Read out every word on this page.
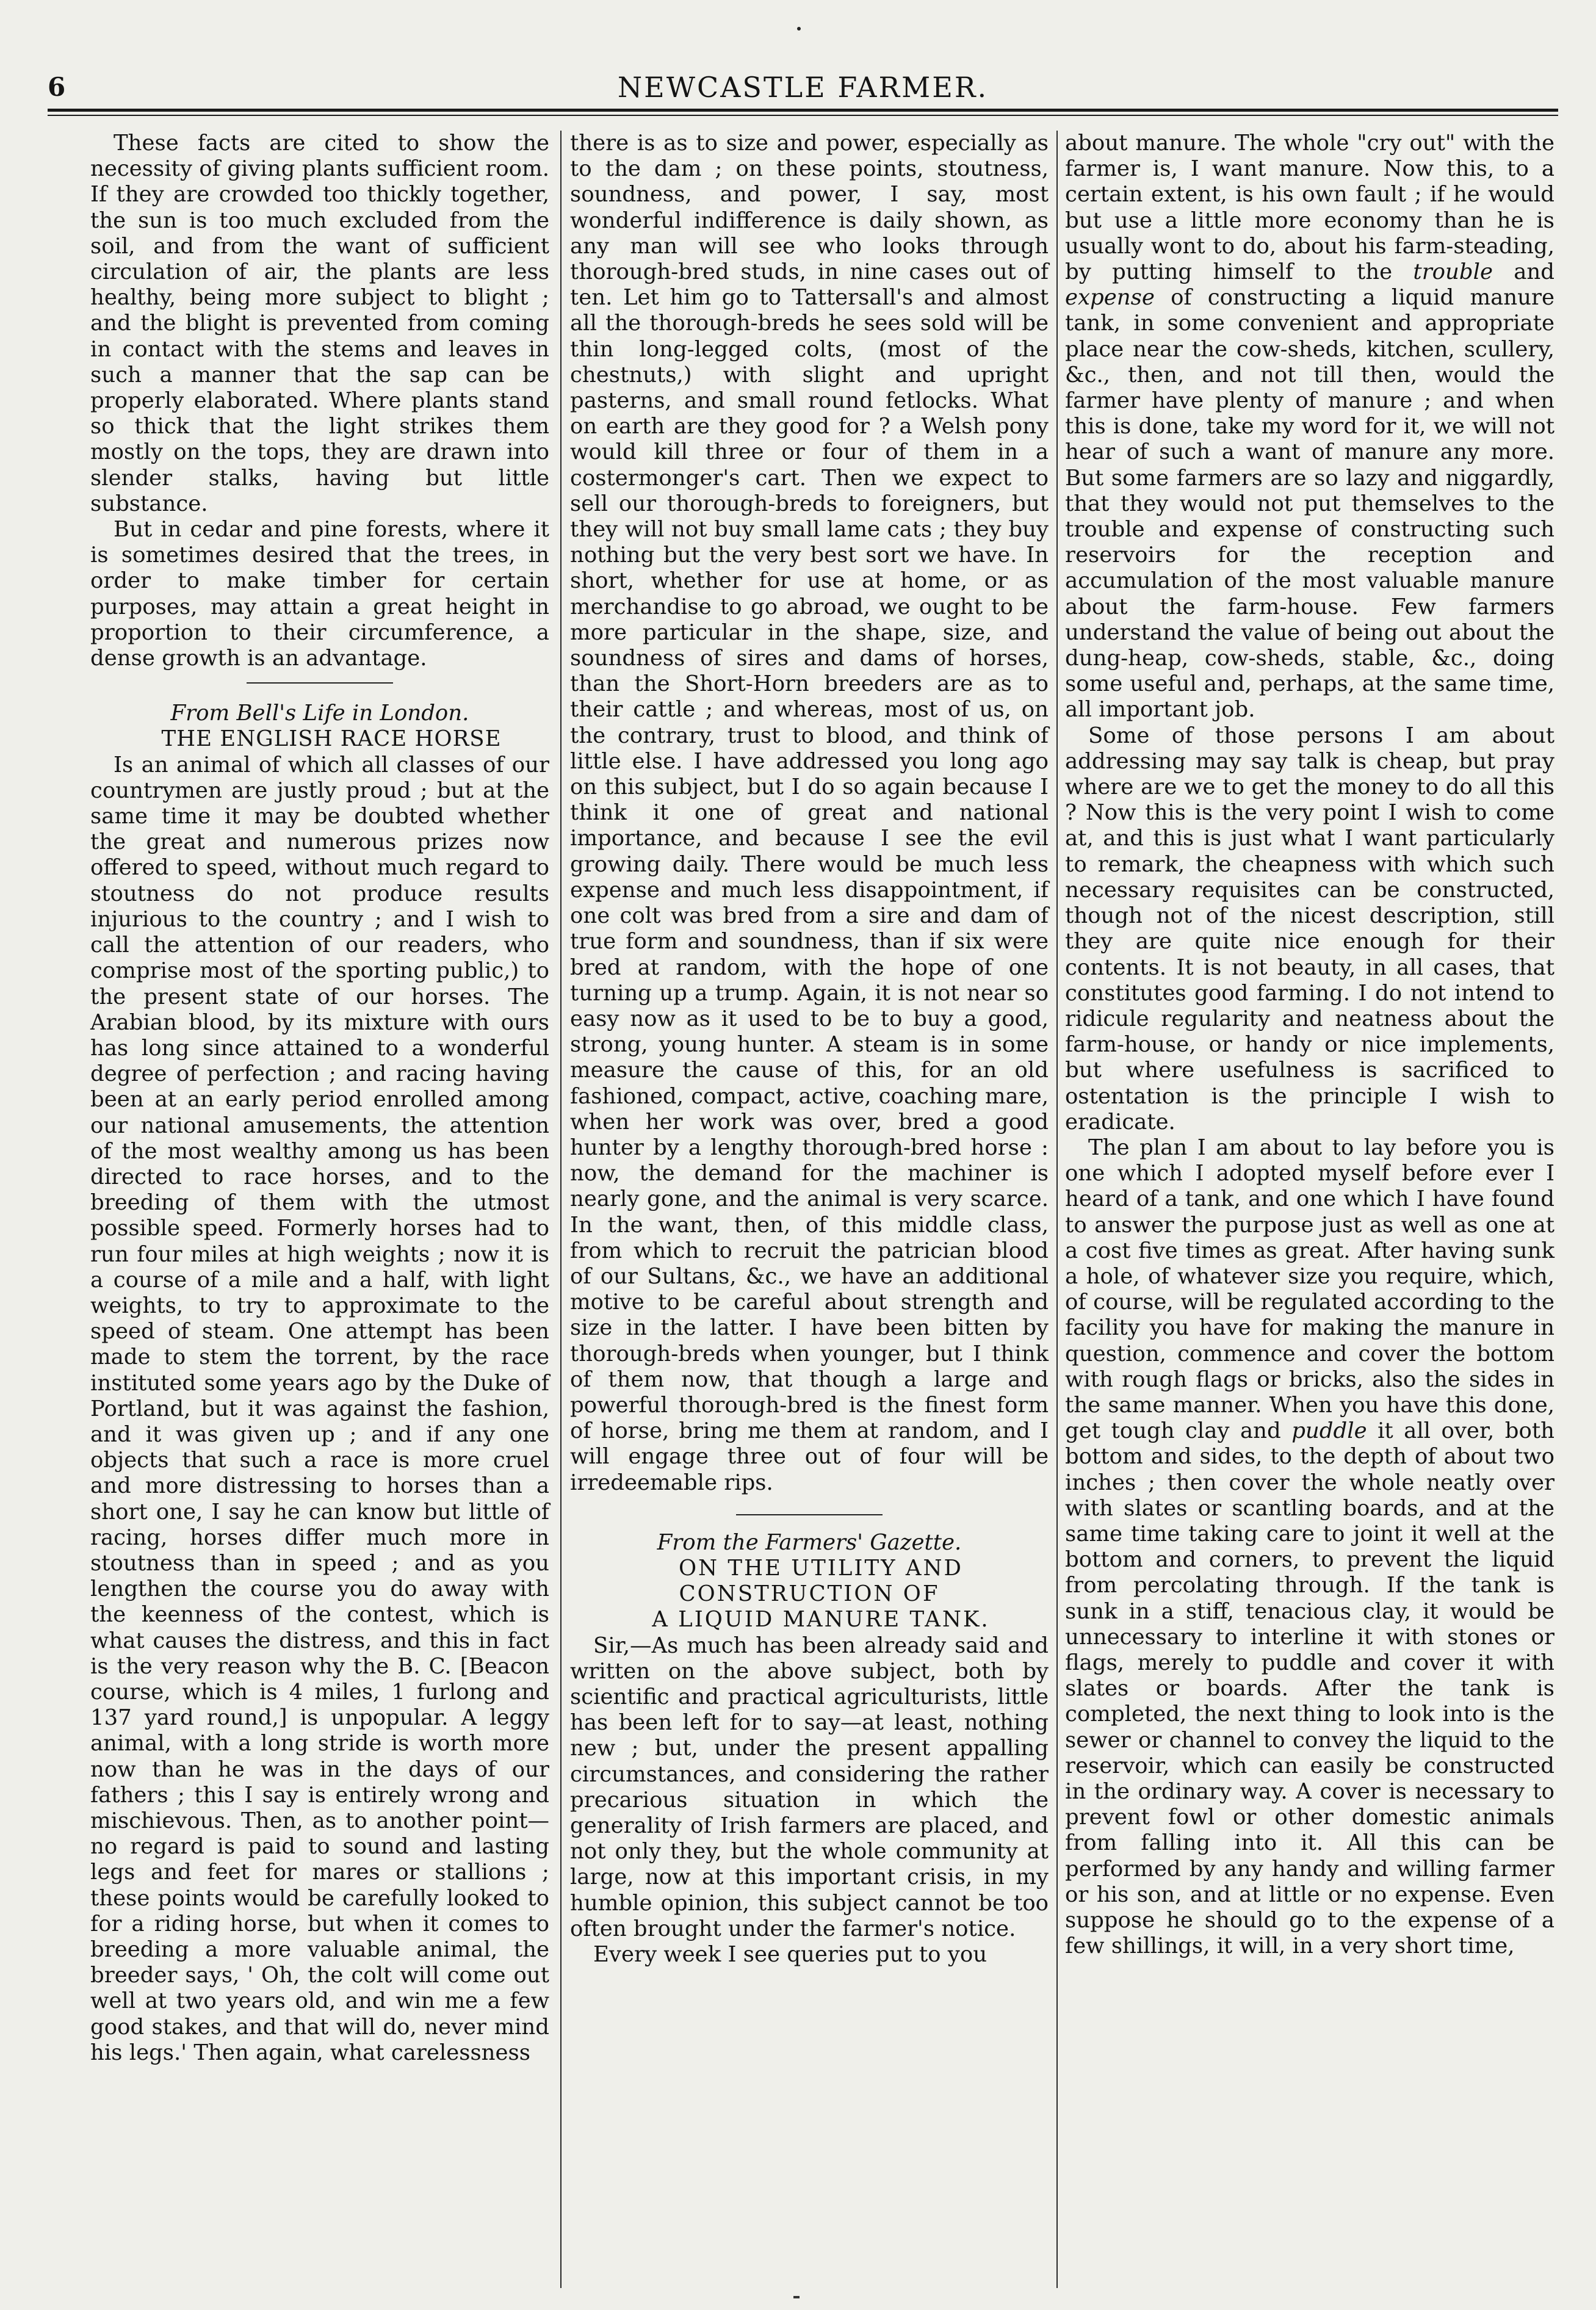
6	NEWCASTLE FARMER.

These facts are cited to show the necessity of giving plants sufficient room. If they are crowded too thickly together, the sun is too much excluded from the soil, and from the want of sufficient circulation of air, the plants are less healthy, being more subject to blight ; and the blight is prevented from coming in contact with the stems and leaves in such a manner that the sap can be properly elaborated. Where plants stand so thick that the light strikes them mostly on the tops, they are drawn into slender stalks, having but little substance.

But in cedar and pine forests, where it is sometimes desired that the trees, in order to make timber for certain purposes, may attain a great height in proportion to their circumference, a dense growth is an advantage.

From Bell's Life in London.

THE ENGLISH RACE HORSE

Is an animal of which all classes of our countrymen are justly proud ; but at the same time it may be doubted whether the great and numerous prizes now offered to speed, without much regard to stoutness do not produce results injurious to the country ; and I wish to call the attention of our readers, who comprise most of the sporting public,) to the present state of our horses. The Arabian blood, by its mixture with ours has long since attained to a wonderful degree of perfection ; and racing having been at an early period enrolled among our national amusements, the attention of the most wealthy among us has been directed to race horses, and to the breeding of them with the utmost possible speed. Formerly horses had to run four miles at high weights ; now it is a course of a mile and a half, with light weights, to try to approximate to the speed of steam. One attempt has been made to stem the torrent, by the race instituted some years ago by the Duke of Portland, but it was against the fashion, and it was given up ; and if any one objects that such a race is more cruel and more distressing to horses than a short one, I say he can know but little of racing, horses differ much more in stoutness than in speed ; and as you lengthen the course you do away with the keenness of the contest, which is what causes the distress, and this in fact is the very reason why the B. C. [Beacon course, which is 4 miles, 1 furlong and 137 yard round,] is unpopular. A leggy animal, with a long stride is worth more now than he was in the days of our fathers ; this I say is entirely wrong and mischievous. Then, as to another point—no regard is paid to sound and lasting legs and feet for mares or stallions ; these points would be carefully looked to for a riding horse, but when it comes to breeding a more valuable animal, the breeder says, ' Oh, the colt will come out well at two years old, and win me a few good stakes, and that will do, never mind his legs.' Then again, what carelessness

there is as to size and power, especially as to the dam ; on these points, stoutness, soundness, and power, I say, most wonderful indifference is daily shown, as any man will see who looks through thorough-bred studs, in nine cases out of ten. Let him go to Tattersall's and almost all the thorough-breds he sees sold will be thin long-legged colts, (most of the chestnuts,) with slight and upright pasterns, and small round fetlocks. What on earth are they good for ? a Welsh pony would kill three or four of them in a costermonger's cart. Then we expect to sell our thorough-breds to foreigners, but they will not buy small lame cats ; they buy nothing but the very best sort we have. In short, whether for use at home, or as merchandise to go abroad, we ought to be more particular in the shape, size, and soundness of sires and dams of horses, than the Short-Horn breeders are as to their cattle ; and whereas, most of us, on the contrary, trust to blood, and think of little else. I have addressed you long ago on this subject, but I do so again because I think it one of great and national importance, and because I see the evil growing daily. There would be much less expense and much less disappointment, if one colt was bred from a sire and dam of true form and soundness, than if six were bred at random, with the hope of one turning up a trump. Again, it is not near so easy now as it used to be to buy a good, strong, young hunter. A steam is in some measure the cause of this, for an old fashioned, compact, active, coaching mare, when her work was over, bred a good hunter by a lengthy thorough-bred horse : now, the demand for the machiner is nearly gone, and the animal is very scarce. In the want, then, of this middle class, from which to recruit the patrician blood of our Sultans, &c., we have an additional motive to be careful about strength and size in the latter. I have been bitten by thorough-breds when younger, but I think of them now, that though a large and powerful thorough-bred is the finest form of horse, bring me them at random, and I will engage three out of four will be irredeemable rips.

From the Farmers' Gazette.

ON THE UTILITY AND CONSTRUCTION OF

A LIQUID MANURE TANK.

Sir,—As much has been already said and written on the above subject, both by scientific and practical agriculturists, little has been left for to say—at least, nothing new ; but, under the present appalling circumstances, and considering the rather precarious situation in which the generality of Irish farmers are placed, and not only they, but the whole community at large, now at this important crisis, in my humble opinion, this subject cannot be too often brought under the farmer's notice.

Every week I see queries put to you

about manure. The whole "cry out" with the farmer is, I want manure. Now this, to a certain extent, is his own fault ; if he would but use a little more economy than he is usually wont to do, about his farm-steading, by putting himself to the trouble and expense of constructing a liquid manure tank, in some convenient and appropriate place near the cow-sheds, kitchen, scullery, &c., then, and not till then, would the farmer have plenty of manure ; and when this is done, take my word for it, we will not hear of such a want of manure any more. But some farmers are so lazy and niggardly, that they would not put themselves to the trouble and expense of constructing such reservoirs for the reception and accumulation of the most valuable manure about the farm-house. Few farmers understand the value of being out about the dung-heap, cow-sheds, stable, &c., doing some useful and, perhaps, at the same time, all important job.

Some of those persons I am about addressing may say talk is cheap, but pray where are we to get the money to do all this ? Now this is the very point I wish to come at, and this is just what I want particularly to remark, the cheapness with which such necessary requisites can be constructed, though not of the nicest description, still they are quite nice enough for their contents. It is not beauty, in all cases, that constitutes good farming. I do not intend to ridicule regularity and neatness about the farm-house, or handy or nice implements, but where usefulness is sacrificed to ostentation is the principle I wish to eradicate.

The plan I am about to lay before you is one which I adopted myself before ever I heard of a tank, and one which I have found to answer the purpose just as well as one at a cost five times as great. After having sunk a hole, of whatever size you require, which, of course, will be regulated according to the facility you have for making the manure in question, commence and cover the bottom with rough flags or bricks, also the sides in the same manner. When you have this done, get tough clay and puddle it all over, both bottom and sides, to the depth of about two inches ; then cover the whole neatly over with slates or scantling boards, and at the same time taking care to joint it well at the bottom and corners, to prevent the liquid from percolating through. If the tank is sunk in a stiff, tenacious clay, it would be unnecessary to interline it with stones or flags, merely to puddle and cover it with slates or boards. After the tank is completed, the next thing to look into is the sewer or channel to convey the liquid to the reservoir, which can easily be constructed in the ordinary way. A cover is necessary to prevent fowl or other domestic animals from falling into it. All this can be performed by any handy and willing farmer or his son, and at little or no expense. Even suppose he should go to the expense of a few shillings, it will, in a very short time,
